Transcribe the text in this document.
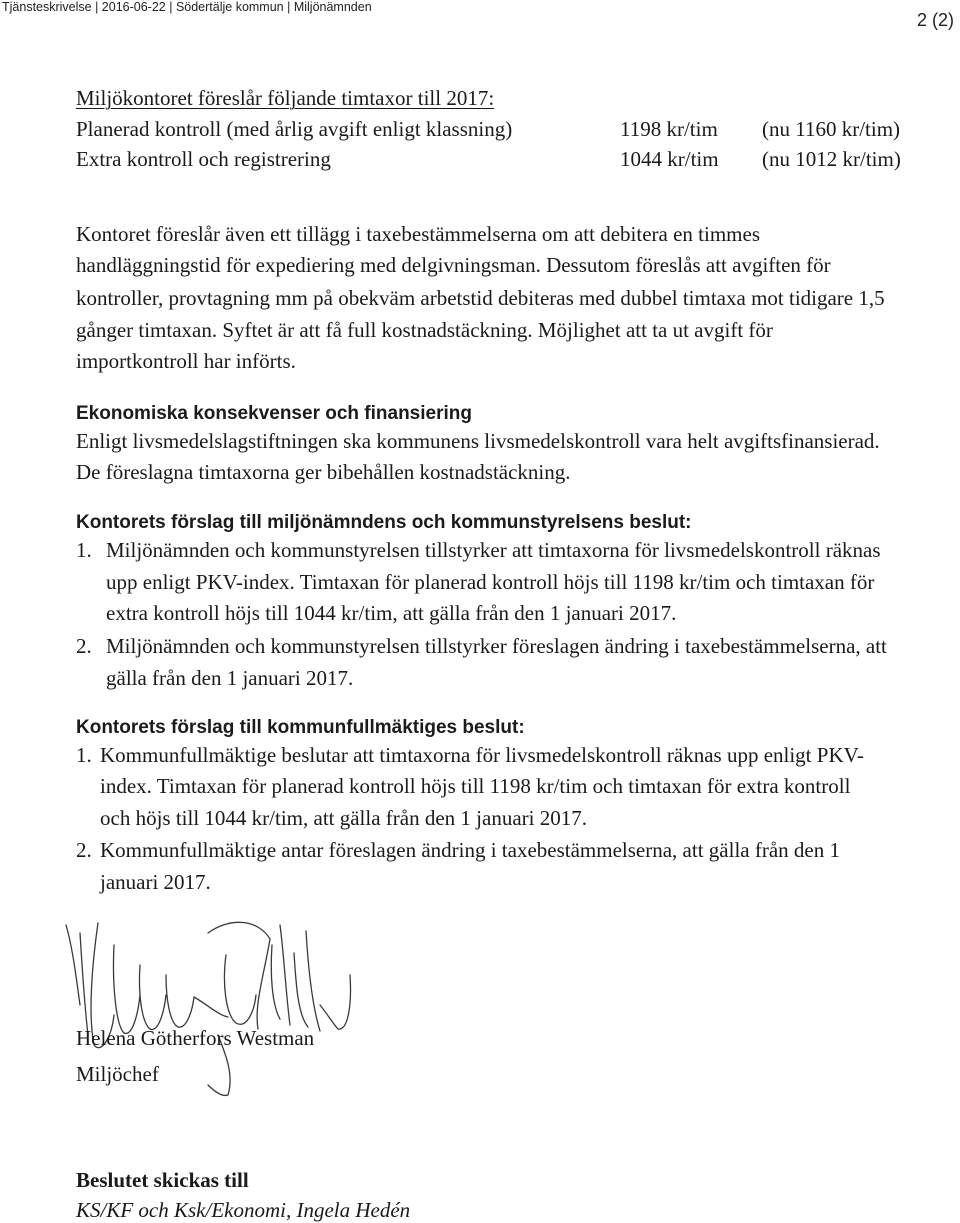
Tjänsteskrivelse | 2016-06-22 | Södertälje kommun | Miljönämnden
2 (2)
Miljökontoret föreslår följande timtaxor till 2017:
Planerad kontroll (med årlig avgift enligt klassning)	1198 kr/tim (nu 1160 kr/tim)
Extra kontroll och registrering	1044 kr/tim (nu 1012 kr/tim)
Kontoret föreslår även ett tillägg i taxebestämmelserna om att debitera en timmes
handläggningstid för expediering med delgivningsman. Dessutom föreslås att avgiften för
kontroller, provtagning mm på obekväm arbetstid debiteras med dubbel timtaxa mot tidigare 1,5
gånger timtaxan. Syftet är att få full kostnadstäckning. Möjlighet att ta ut avgift för
importkontroll har införts.
Ekonomiska konsekvenser och finansiering
Enligt livsmedelslagstiftningen ska kommunens livsmedelskontroll vara helt avgiftsfinansierad.
De föreslagna timtaxorna ger bibehållen kostnadstäckning.
Kontorets förslag till miljönämndens och kommunstyrelsens beslut:
1. Miljönämnden och kommunstyrelsen tillstyrker att timtaxorna för livsmedelskontroll räknas
upp enligt PKV-index. Timtaxan för planerad kontroll höjs till 1198 kr/tim och timtaxan för
extra kontroll höjs till 1044 kr/tim, att gälla från den 1 januari 2017.
2. Miljönämnden och kommunstyrelsen tillstyrker föreslagen ändring i taxebestämmelserna, att
gälla från den 1 januari 2017.
Kontorets förslag till kommunfullmäktiges beslut:
1. Kommunfullmäktige beslutar att timtaxorna för livsmedelskontroll räknas upp enligt PKV-
index. Timtaxan för planerad kontroll höjs till 1198 kr/tim och timtaxan för extra kontroll
och höjs till 1044 kr/tim, att gälla från den 1 januari 2017.
2. Kommunfullmäktige antar föreslagen ändring i taxebestämmelserna, att gälla från den 1
januari 2017.
Helena Götherfors Westman
Miljöchef
Beslutet skickas till
KS/KF och Ksk/Ekonomi, Ingela Hedén
